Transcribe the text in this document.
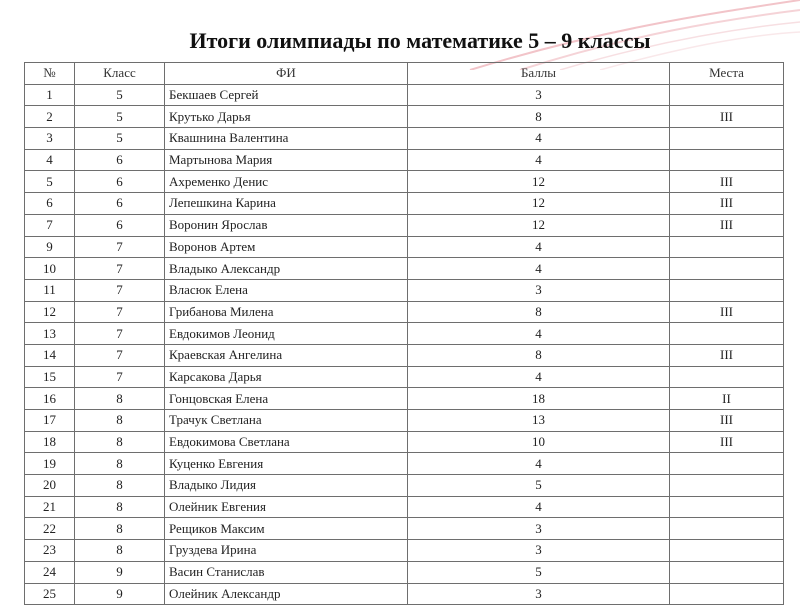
Итоги олимпиады по математике 5 – 9 классы
№	Класс	ФИ	Баллы	Места
1	5	Бекшаев Сергей	3	
2	5	Крутько Дарья	8	III
3	5	Квашнина Валентина	4	
4	6	Мартынова Мария	4	
5	6	Ахременко Денис	12	III
6	6	Лепешкина Карина	12	III
7	6	Воронин Ярослав	12	III
9	7	Воронов Артем	4	
10	7	Владыко Александр	4	
11	7	Власюк Елена	3	
12	7	Грибанова Милена	8	III
13	7	Евдокимов Леонид	4	
14	7	Краевская Ангелина	8	III
15	7	Карсакова Дарья	4	
16	8	Гонцовская Елена	18	II
17	8	Трачук Светлана	13	III
18	8	Евдокимова Светлана	10	III
19	8	Куценко Евгения	4	
20	8	Владыко Лидия	5	
21	8	Олейник Евгения	4	
22	8	Рещиков Максим	3	
23	8	Груздева Ирина	3	
24	9	Васин Станислав	5	
25	9	Олейник Александр	3	
